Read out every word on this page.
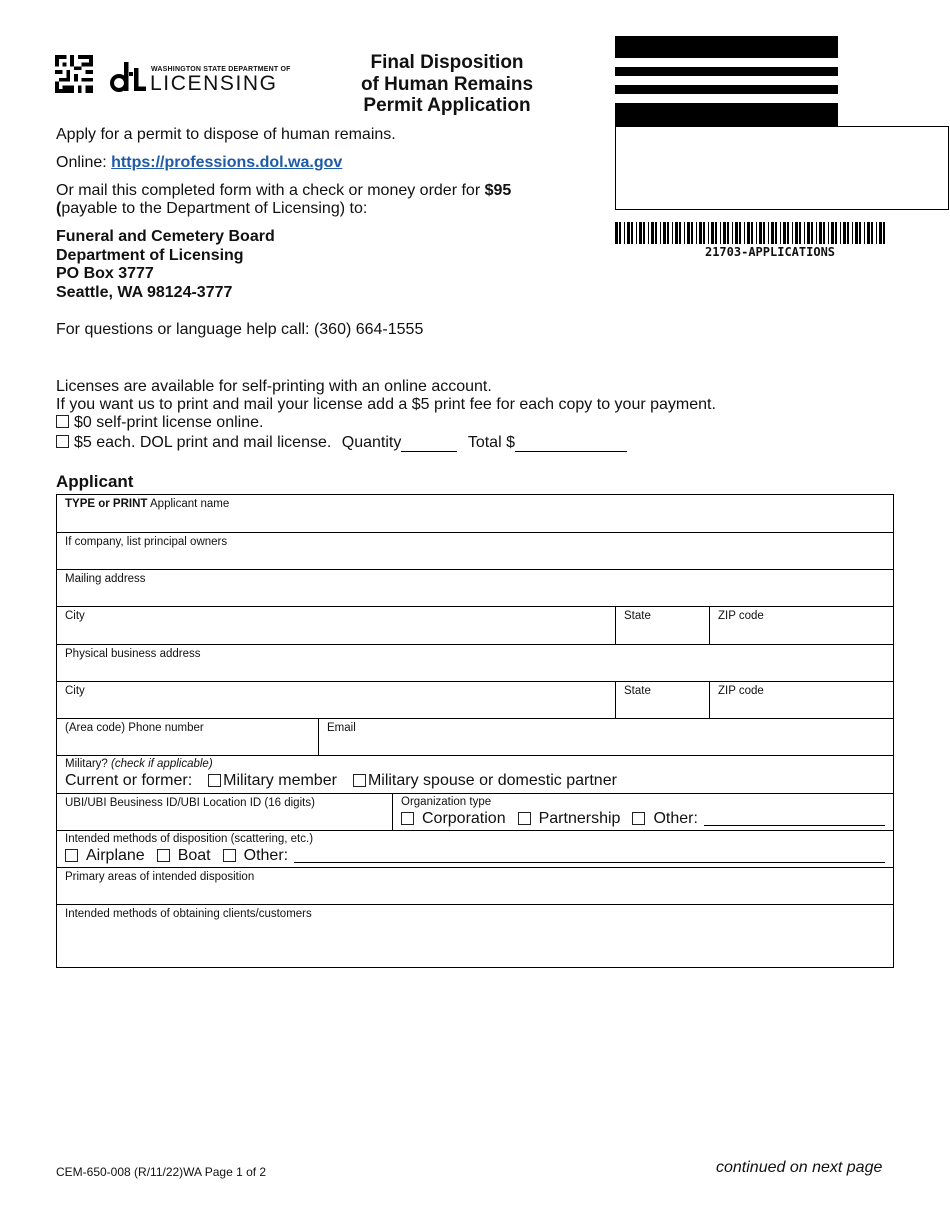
WASHINGTON STATE DEPARTMENT OF
LICENSING
Final Disposition
of Human Remains
Permit Application
21703-APPLICATIONS
Apply for a permit to dispose of human remains.
Online: https://professions.dol.wa.gov
Or mail this completed form with a check or money order for $95
(payable to the Department of Licensing) to:
Funeral and Cemetery Board
Department of Licensing
PO Box 3777
Seattle, WA 98124-3777
For questions or language help call: (360) 664-1555
Licenses are available for self-printing with an online account.
If you want us to print and mail your license add a $5 print fee for each copy to your payment.
$0 self-print license online.
$5 each. DOL print and mail license. Quantity	Total $
Applicant
TYPE or PRINT Applicant name
If company, list principal owners
Mailing address
City	State	ZIP code
Physical business address
City	State	ZIP code
(Area code) Phone number	Email
Military? (check if applicable)
Current or former: Military member Military spouse or domestic partner
UBI/UBI Beusiness ID/UBI Location ID (16 digits)	Organization type
Corporation Partnership Other:
Intended methods of disposition (scattering, etc.)
Airplane Boat Other:
Primary areas of intended disposition
Intended methods of obtaining clients/customers
CEM-650-008 (R/11/22)WA Page 1 of 2	continued on next page
